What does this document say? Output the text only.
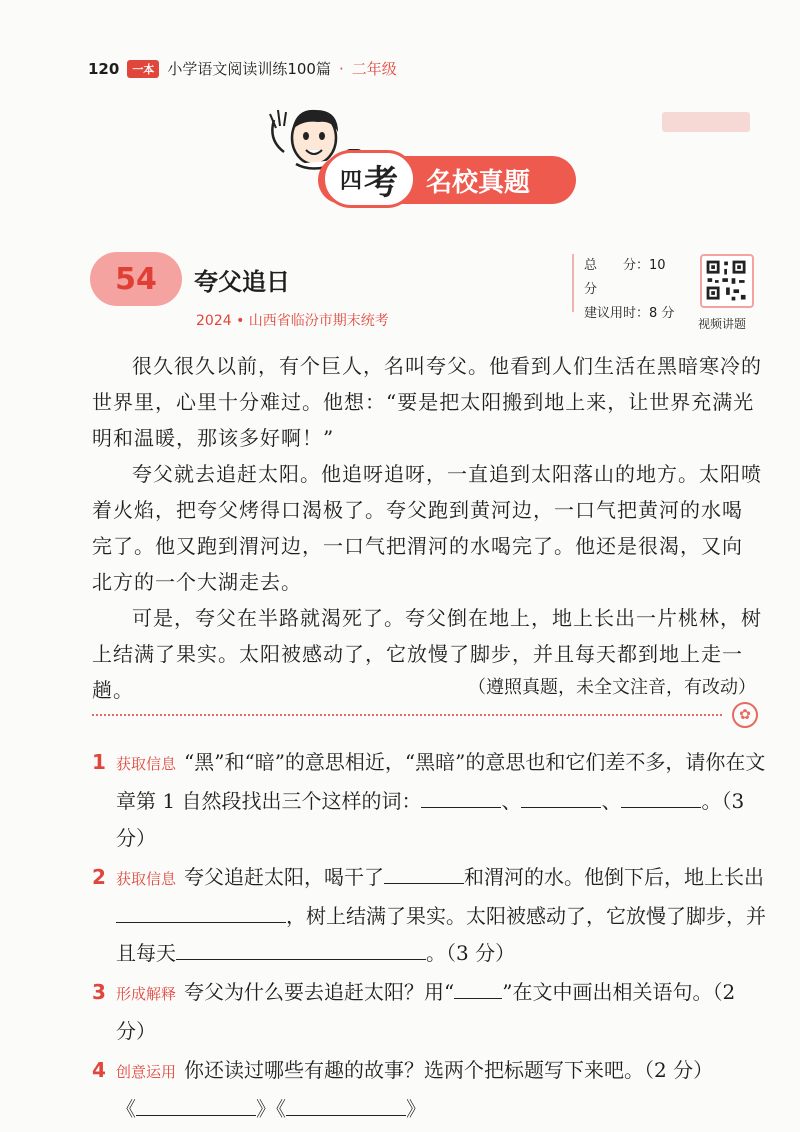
120	一本 小学语文阅读训练100篇 · 二年级
四 考 名校真题
54	夸父追日
2024 • 山西省临汾市期末统考
总　　分：10 分
建议用时：8 分
视频讲题

很久很久以前，有个巨人，名叫夸父。他看到人们生活在黑暗寒冷的世界里，心里十分难过。他想：“要是把太阳搬到地上来，让世界充满光明和温暖，那该多好啊！”

夸父就去追赶太阳。他追呀追呀，一直追到太阳落山的地方。太阳喷着火焰，把夸父烤得口渴极了。夸父跑到黄河边，一口气把黄河的水喝完了。他又跑到渭河边，一口气把渭河的水喝完了。他还是很渴，又向北方的一个大湖走去。

可是，夸父在半路就渴死了。夸父倒在地上，地上长出一片桃林，树上结满了果实。太阳被感动了，它放慢了脚步，并且每天都到地上走一趟。	（遵照真题，未全文注音，有改动）
✿
1 获取信息 “黑”和“暗”的意思相近，“黑暗”的意思也和它们差不多，请你在文章第 1 自然段找出三个这样的词：	、	、	。（3 分）
2 获取信息 夸父追赶太阳，喝干了	和渭河的水。他倒下后，地上长出，树上结满了果实。太阳被感动了，它放慢了脚步，并且每天	。（3 分）
3 形成解释 夸父为什么要去追赶太阳？用“ ”在文中画出相关语句。（2 分）
4 创意运用 你还读过哪些有趣的故事？选两个把标题写下来吧。（2 分）
《	》《	》
